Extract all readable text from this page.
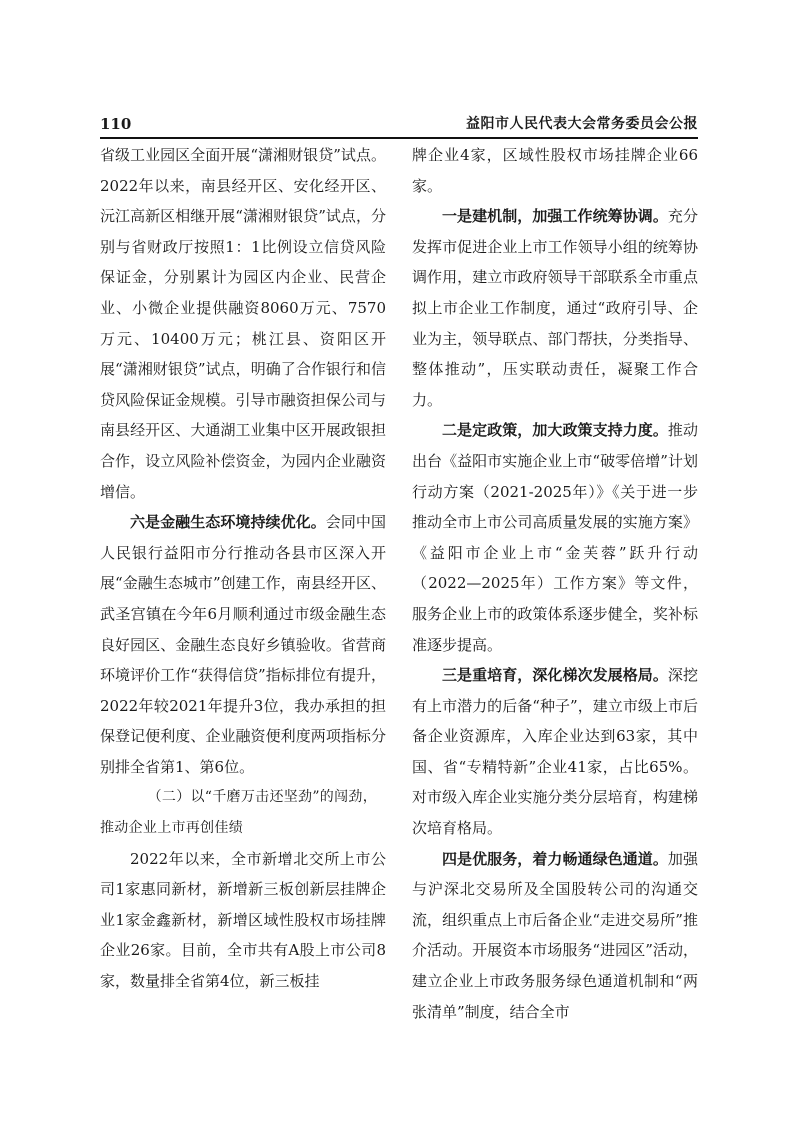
110	益阳市人民代表大会常务委员会公报

省级工业园区全面开展“潇湘财银贷”试点。2022年以来，南县经开区、安化经开区、沅江高新区相继开展“潇湘财银贷”试点，分别与省财政厅按照1：1比例设立信贷风险保证金，分别累计为园区内企业、民营企业、小微企业提供融资8060万元、7570万元、10400万元；桃江县、资阳区开展“潇湘财银贷”试点，明确了合作银行和信贷风险保证金规模。引导市融资担保公司与南县经开区、大通湖工业集中区开展政银担合作，设立风险补偿资金，为园内企业融资增信。

六是金融生态环境持续优化。会同中国人民银行益阳市分行推动各县市区深入开展“金融生态城市”创建工作，南县经开区、武圣宫镇在今年6月顺利通过市级金融生态良好园区、金融生态良好乡镇验收。省营商环境评价工作“获得信贷”指标排位有提升，2022年较2021年提升3位，我办承担的担保登记便利度、企业融资便利度两项指标分别排全省第1、第6位。

（二）以“千磨万击还坚劲”的闯劲，
推动企业上市再创佳绩

2022年以来，全市新增北交所上市公司1家惠同新材，新增新三板创新层挂牌企业1家金鑫新材，新增区域性股权市场挂牌企业26家。目前，全市共有A股上市公司8家，数量排全省第4位，新三板挂

牌企业4家，区域性股权市场挂牌企业66家。

一是建机制，加强工作统筹协调。充分发挥市促进企业上市工作领导小组的统筹协调作用，建立市政府领导干部联系全市重点拟上市企业工作制度，通过“政府引导、企业为主，领导联点、部门帮扶，分类指导、整体推动”，压实联动责任，凝聚工作合力。

二是定政策，加大政策支持力度。推动出台《益阳市实施企业上市“破零倍增”计划行动方案（2021-2025年）》《关于进一步推动全市上市公司高质量发展的实施方案》《益阳市企业上市“金芙蓉”跃升行动（2022—2025年）工作方案》等文件，服务企业上市的政策体系逐步健全，奖补标准逐步提高。

三是重培育，深化梯次发展格局。深挖有上市潜力的后备“种子”，建立市级上市后备企业资源库，入库企业达到63家，其中国、省“专精特新”企业41家，占比65%。对市级入库企业实施分类分层培育，构建梯次培育格局。

四是优服务，着力畅通绿色通道。加强与沪深北交易所及全国股转公司的沟通交流，组织重点上市后备企业“走进交易所”推介活动。开展资本市场服务“进园区”活动，建立企业上市政务服务绿色通道机制和“两张清单”制度，结合全市
